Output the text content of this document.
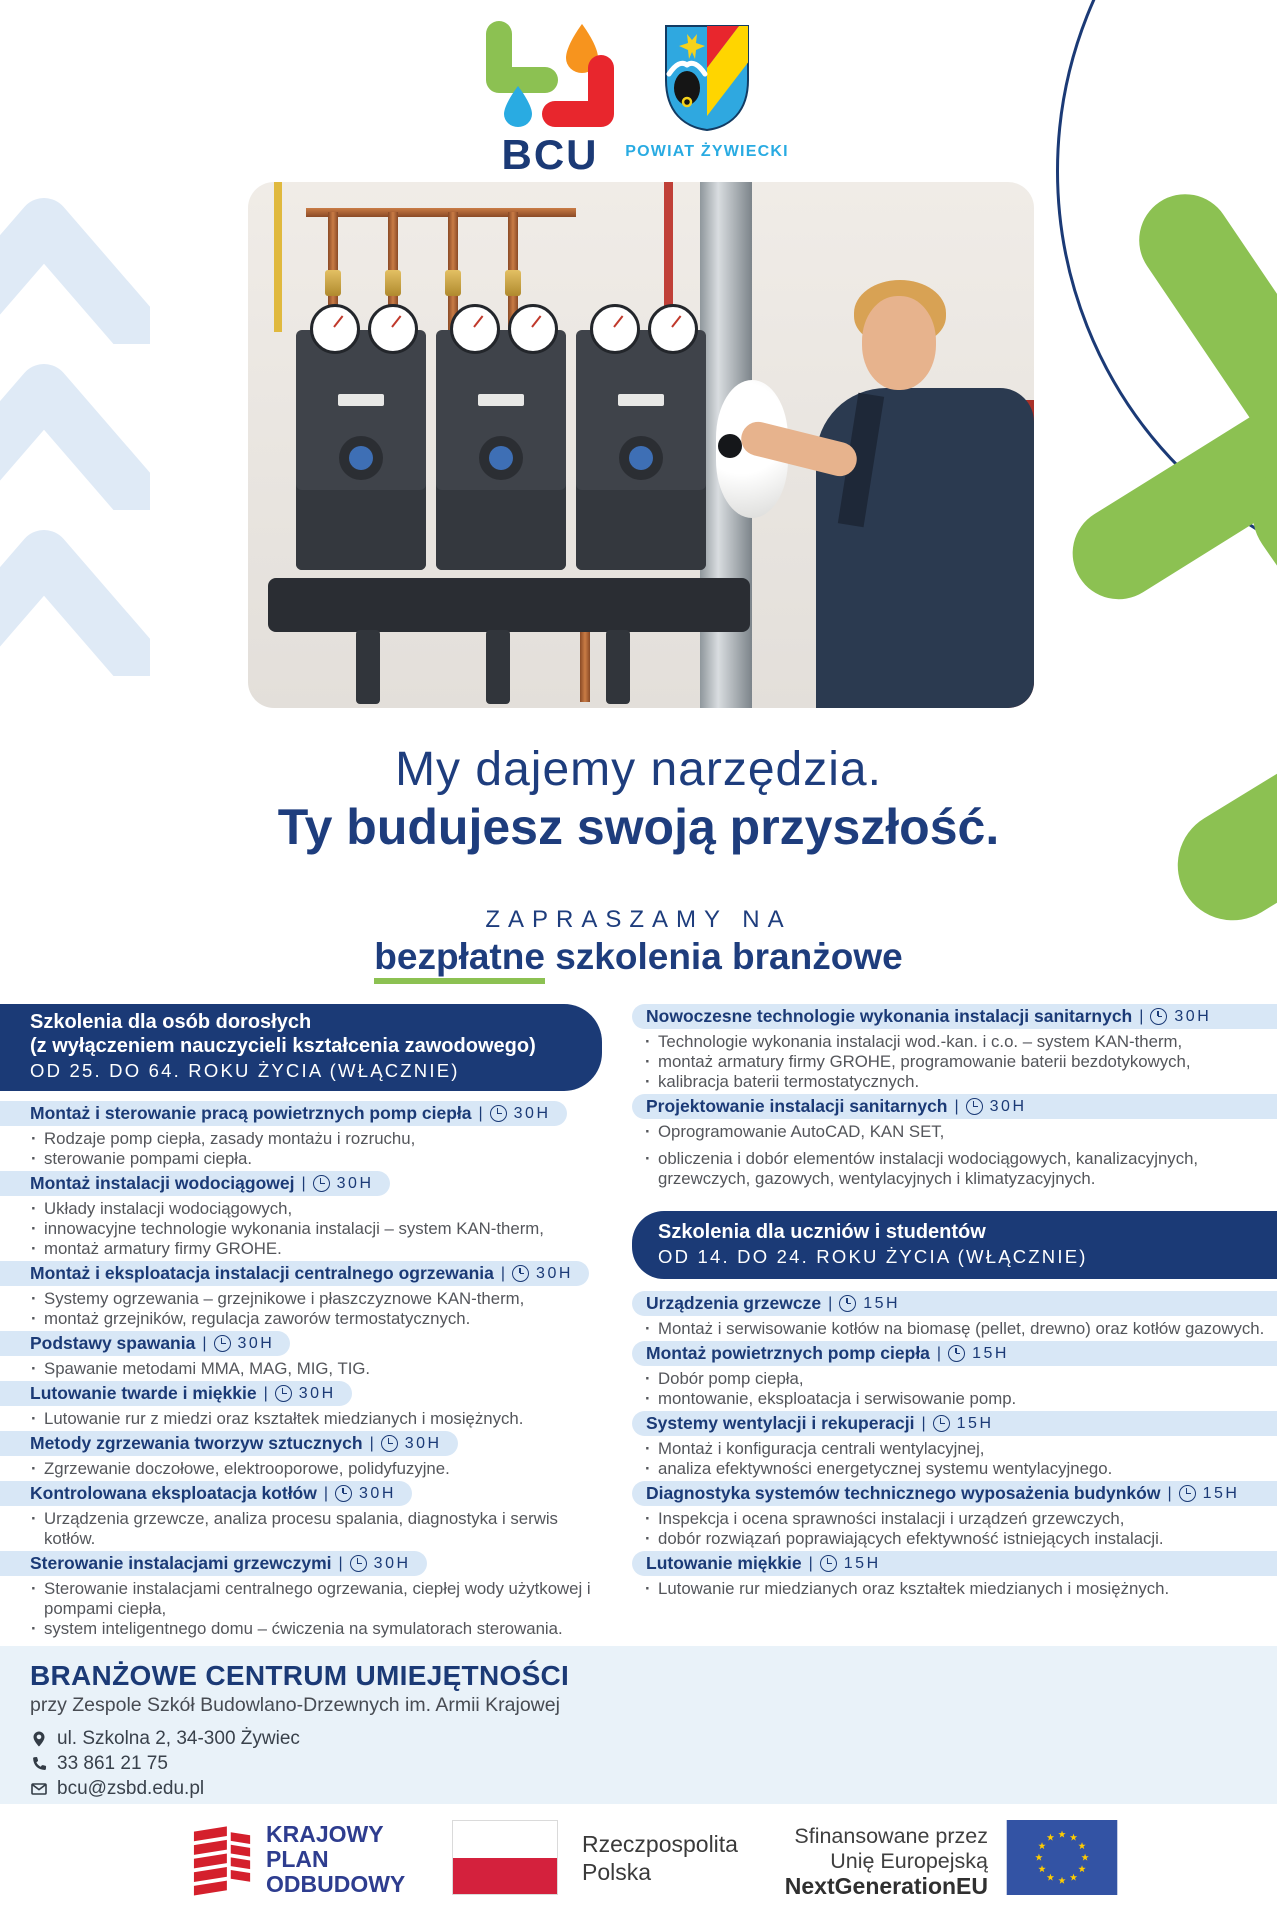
BCU	POWIAT ŻYWIECKI
My dajemy narzędzia.
Ty budujesz swoją przyszłość.
ZAPRASZAMY NA
bezpłatne szkolenia branżowe
Szkolenia dla osób dorosłych
(z wyłączeniem nauczycieli kształcenia zawodowego)
OD 25. DO 64. ROKU ŻYCIA (WŁĄCZNIE)
Montaż i sterowanie pracą powietrznych pomp ciepła | 30H
· Rodzaje pomp ciepła, zasady montażu i rozruchu,
· sterowanie pompami ciepła.
Montaż instalacji wodociągowej | 30H
· Układy instalacji wodociągowych,
· innowacyjne technologie wykonania instalacji – system KAN-therm,
· montaż armatury firmy GROHE.
Montaż i eksploatacja instalacji centralnego ogrzewania | 30H
· Systemy ogrzewania – grzejnikowe i płaszczyznowe KAN-therm,
· montaż grzejników, regulacja zaworów termostatycznych.
Podstawy spawania | 30H
· Spawanie metodami MMA, MAG, MIG, TIG.
Lutowanie twarde i miękkie | 30H
· Lutowanie rur z miedzi oraz kształtek miedzianych i mosiężnych.
Metody zgrzewania tworzyw sztucznych | 30H
· Zgrzewanie doczołowe, elektrooporowe, polidyfuzyjne.
Kontrolowana eksploatacja kotłów | 30H
· Urządzenia grzewcze, analiza procesu spalania, diagnostyka i serwis kotłów.
Sterowanie instalacjami grzewczymi | 30H
· Sterowanie instalacjami centralnego ogrzewania, ciepłej wody użytkowej i pompami ciepła,
· system inteligentnego domu – ćwiczenia na symulatorach sterowania.
Nowoczesne technologie wykonania instalacji sanitarnych | 30H
· Technologie wykonania instalacji wod.-kan. i c.o. – system KAN-therm,
· montaż armatury firmy GROHE, programowanie baterii bezdotykowych,
· kalibracja baterii termostatycznych.
Projektowanie instalacji sanitarnych | 30H
· Oprogramowanie AutoCAD, KAN SET,
· obliczenia i dobór elementów instalacji wodociągowych, kanalizacyjnych, grzewczych, gazowych, wentylacyjnych i klimatyzacyjnych.
Szkolenia dla uczniów i studentów
OD 14. DO 24. ROKU ŻYCIA (WŁĄCZNIE)
Urządzenia grzewcze | 15H
· Montaż i serwisowanie kotłów na biomasę (pellet, drewno) oraz kotłów gazowych.
Montaż powietrznych pomp ciepła | 15H
· Dobór pomp ciepła,
· montowanie, eksploatacja i serwisowanie pomp.
Systemy wentylacji i rekuperacji | 15H
· Montaż i konfiguracja centrali wentylacyjnej,
· analiza efektywności energetycznej systemu wentylacyjnego.
Diagnostyka systemów technicznego wyposażenia budynków | 15H
· Inspekcja i ocena sprawności instalacji i urządzeń grzewczych,
· dobór rozwiązań poprawiających efektywność istniejących instalacji.
Lutowanie miękkie | 15H
· Lutowanie rur miedzianych oraz kształtek miedzianych i mosiężnych.
BRANŻOWE CENTRUM UMIEJĘTNOŚCI
przy Zespole Szkół Budowlano-Drzewnych im. Armii Krajowej
ul. Szkolna 2, 34-300 Żywiec
33 861 21 75
bcu@zsbd.edu.pl
KRAJOWY
PLAN
ODBUDOWY
Rzeczpospolita
Polska
Sfinansowane przez
Unię Europejską
NextGenerationEU
